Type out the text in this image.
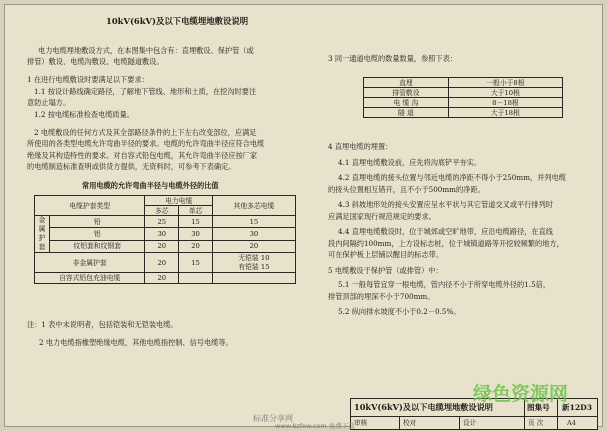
10kV(6kV)及以下电缆埋地敷设说明
电力电缆埋地敷设方式，在本图集中包含有：直埋敷设、保护管（或
排管）敷设、电缆沟敷设、电缆隧道敷设。
1 在进行电缆敷设时要满足以下要求：
1.1 按设计路线确定路径，了解地下管线、地形和土质，在挖沟时要注
意防止塌方。
1.2 按电缆标准检查电缆质量。
2 电缆敷设的任何方式及其全部路径条件的上下左右改变部位，应满足
所使用的各类型电缆允许弯曲半径的要求。电缆的允许弯曲半径应符合电缆
绝缘及其构造特性的要求。对自容式铅包电缆，其允许弯曲半径应按厂家
的电缆制造标准查明或供货方提供，无资料时，可参考下表确定。
常用电缆的允许弯曲半径与电缆外径的比值
电缆护套类型		电力电缆		其他多芯电缆
		多芯	单芯	
金属护套	铅	25	15	15
	铝	30	30	30
	纹铝套和纹钢套	20	20	20
非金属护套		20	15	无铠装 10
有铠装 15

自容式铅包充油电缆		20		
注：1 表中未说明者，包括铠装和无铠装电缆。
2 电力电缆指橡塑绝缘电缆，其他电缆指控制、信号电缆等。
3 同一通道电缆的数量数量，参照下表：
直埋	一般小于8根
排管敷设	大于10根
电 缆 沟	8－18根
隧 道	大于18根
4 直埋电缆的埋置：
4.1 直埋电缆敷设前，应先将沟底铲平夯实。
4.2 直埋电缆的接头位置与邻近电缆的净距不得小于250mm，并列电缆
的接头位置相互错开，且不小于500mm的净距。
4.3 斜坡地形处的接头安置应呈水平状与其它管道交叉或平行排列时
应满足国家现行规范规定的要求。
4.4 直埋电缆敷设时，位于城郊或空旷地带，应沿电缆路径，在直线
段内间隔约100mm，上方设标志桩，位于城镇道路等开挖较频繁的地方，
可在保护板上层铺以醒目的标志带。
5 电缆敷设于保护管（或排管）中：
5.1 一般每管宜穿一根电缆，管内径不小于所穿电缆外径的1.5倍，
排管顶部的埋深不小于700mm。
5.2 纵向排水坡度不小于0.2－0.5%。
10kV(6kV)及以下电缆埋地敷设说明	图集号 新12D3
审核	校对	设计	页 次	A4
绿色资源网
标准分享网
www.bzfxw.com 免费下载
